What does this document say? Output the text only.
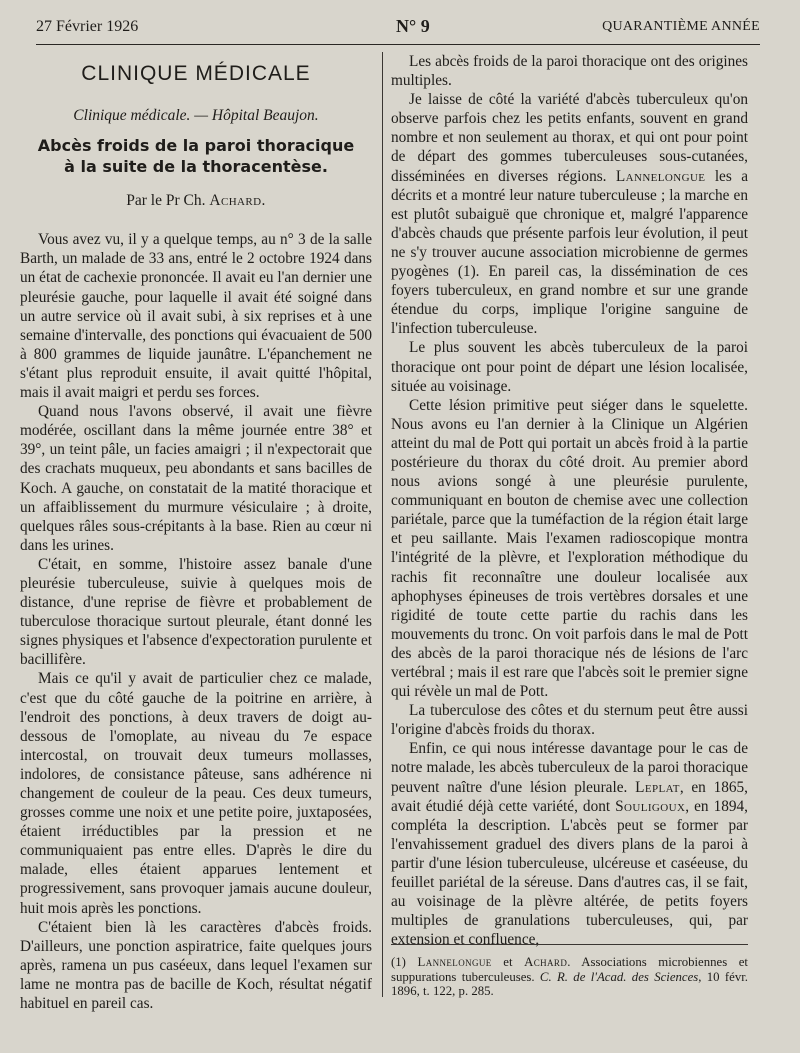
27 Février 1926	N° 9	QUARANTIÈME ANNÉE
CLINIQUE MÉDICALE
Clinique médicale. — Hôpital Beaujon.
Abcès froids de la paroi thoracique
à la suite de la thoracentèse.
Par le Pr Ch. Achard.

Vous avez vu, il y a quelque temps, au n° 3 de la salle Barth, un malade de 33 ans, entré le 2 octobre 1924 dans un état de cachexie prononcée. Il avait eu l'an dernier une pleurésie gauche, pour laquelle il avait été soigné dans un autre service où il avait subi, à six reprises et à une semaine d'intervalle, des ponctions qui évacuaient de 500 à 800 grammes de liquide jaunâtre. L'épanchement ne s'étant plus reproduit ensuite, il avait quitté l'hôpital, mais il avait maigri et perdu ses forces.

Quand nous l'avons observé, il avait une fièvre modérée, oscillant dans la même journée entre 38° et 39°, un teint pâle, un facies amaigri ; il n'expectorait que des crachats muqueux, peu abondants et sans bacilles de Koch. A gauche, on constatait de la matité thoracique et un affaiblissement du murmure vésiculaire ; à droite, quelques râles sous-crépitants à la base. Rien au cœur ni dans les urines.

C'était, en somme, l'histoire assez banale d'une pleurésie tuberculeuse, suivie à quelques mois de distance, d'une reprise de fièvre et probablement de tuberculose thoracique surtout pleurale, étant donné les signes physiques et l'absence d'expectoration purulente et bacillifère.

Mais ce qu'il y avait de particulier chez ce malade, c'est que du côté gauche de la poitrine en arrière, à l'endroit des ponctions, à deux travers de doigt au-dessous de l'omoplate, au niveau du 7e espace intercostal, on trouvait deux tumeurs mollasses, indolores, de consistance pâteuse, sans adhérence ni changement de couleur de la peau. Ces deux tumeurs, grosses comme une noix et une petite poire, juxtaposées, étaient irréductibles par la pression et ne communiquaient pas entre elles. D'après le dire du malade, elles étaient apparues lentement et progressivement, sans provoquer jamais aucune douleur, huit mois après les ponctions.

C'étaient bien là les caractères d'abcès froids. D'ailleurs, une ponction aspiratrice, faite quelques jours après, ramena un pus caséeux, dans lequel l'examen sur lame ne montra pas de bacille de Koch, résultat négatif habituel en pareil cas.

Les abcès froids de la paroi thoracique ont des origines multiples.

Je laisse de côté la variété d'abcès tuberculeux qu'on observe parfois chez les petits enfants, souvent en grand nombre et non seulement au thorax, et qui ont pour point de départ des gommes tuberculeuses sous-cutanées, disséminées en diverses régions. Lannelongue les a décrits et a montré leur nature tuberculeuse ; la marche en est plutôt subaiguë que chronique et, malgré l'apparence d'abcès chauds que présente parfois leur évolution, il peut ne s'y trouver aucune association microbienne de germes pyogènes (1). En pareil cas, la dissémination de ces foyers tuberculeux, en grand nombre et sur une grande étendue du corps, implique l'origine sanguine de l'infection tuberculeuse.

Le plus souvent les abcès tuberculeux de la paroi thoracique ont pour point de départ une lésion localisée, située au voisinage.

Cette lésion primitive peut siéger dans le squelette. Nous avons eu l'an dernier à la Clinique un Algérien atteint du mal de Pott qui portait un abcès froid à la partie postérieure du thorax du côté droit. Au premier abord nous avions songé à une pleurésie purulente, communiquant en bouton de chemise avec une collection pariétale, parce que la tuméfaction de la région était large et peu saillante. Mais l'examen radioscopique montra l'intégrité de la plèvre, et l'exploration méthodique du rachis fit reconnaître une douleur localisée aux aphophyses épineuses de trois vertèbres dorsales et une rigidité de toute cette partie du rachis dans les mouvements du tronc. On voit parfois dans le mal de Pott des abcès de la paroi thoracique nés de lésions de l'arc vertébral ; mais il est rare que l'abcès soit le premier signe qui révèle un mal de Pott.

La tuberculose des côtes et du sternum peut être aussi l'origine d'abcès froids du thorax.

Enfin, ce qui nous intéresse davantage pour le cas de notre malade, les abcès tuberculeux de la paroi thoracique peuvent naître d'une lésion pleurale. Leplat, en 1865, avait étudié déjà cette variété, dont Souligoux, en 1894, compléta la description. L'abcès peut se former par l'envahissement graduel des divers plans de la paroi à partir d'une lésion tuberculeuse, ulcéreuse et caséeuse, du feuillet pariétal de la séreuse. Dans d'autres cas, il se fait, au voisinage de la plèvre altérée, de petits foyers multiples de granulations tuberculeuses, qui, par extension et confluence,

(1) Lannelongue et Achard. Associations microbiennes et suppurations tuberculeuses. C. R. de l'Acad. des Sciences, 10 févr. 1896, t. 122, p. 285.
